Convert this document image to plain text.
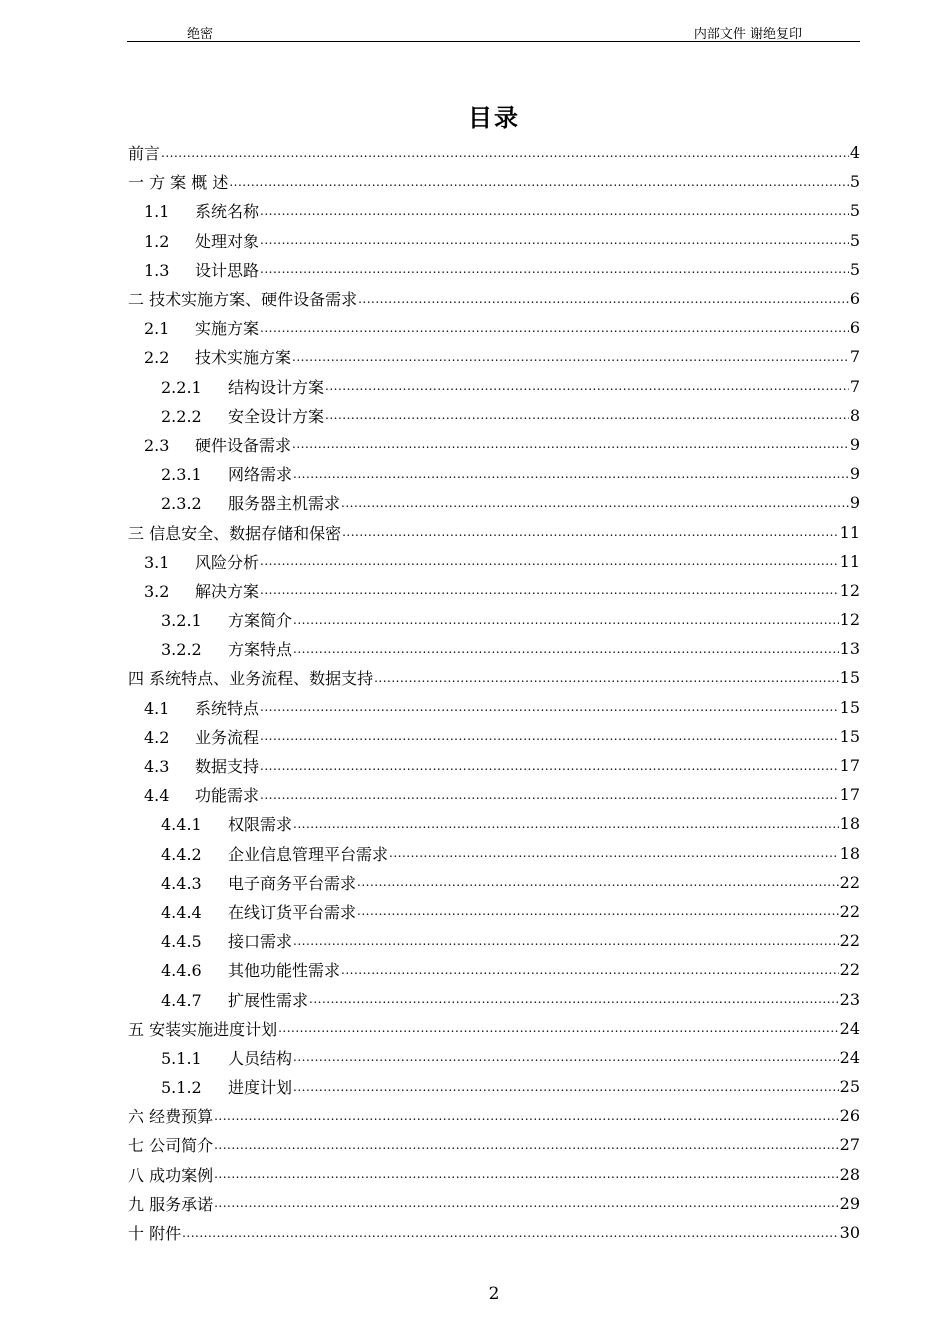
绝密	内部文件 谢绝复印
目录
前言 .....	4
一 方 案 概 述 .....	5
1.1 系统名称 .....	5
1.2 处理对象 .....	5
1.3 设计思路 .....	5
二 技术实施方案、硬件设备需求 .....	6
2.1 实施方案 .....	6
2.2 技术实施方案 .....	7
2.2.1 结构设计方案 .....	7
2.2.2 安全设计方案 .....	8
2.3 硬件设备需求 .....	9
2.3.1 网络需求 .....	9
2.3.2 服务器主机需求 .....	9
三 信息安全、数据存储和保密 .....	11
3.1 风险分析 .....	11
3.2 解决方案 .....	12
3.2.1 方案简介 .....	12
3.2.2 方案特点 .....	13
四 系统特点、业务流程、数据支持 .....	15
4.1 系统特点 .....	15
4.2 业务流程 .....	15
4.3 数据支持 .....	17
4.4 功能需求 .....	17
4.4.1 权限需求 .....	18
4.4.2 企业信息管理平台需求 .....	18
4.4.3 电子商务平台需求 .....	22
4.4.4 在线订货平台需求 .....	22
4.4.5 接口需求 .....	22
4.4.6 其他功能性需求 .....	22
4.4.7 扩展性需求 .....	23
五 安装实施进度计划 .....	24
5.1.1 人员结构 .....	24
5.1.2 进度计划 .....	25
六 经费预算 .....	26
七 公司简介 .....	27
八 成功案例 .....	28
九 服务承诺 .....	29
十 附件 .....	30
2
